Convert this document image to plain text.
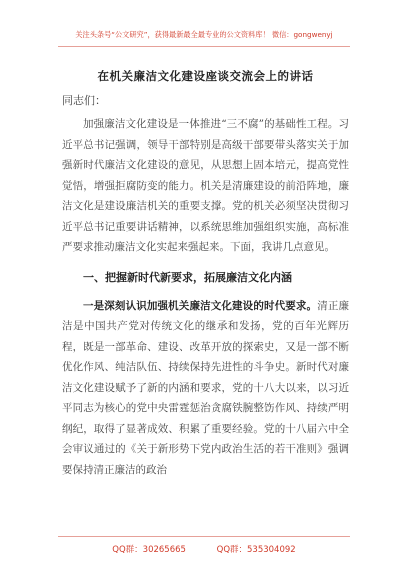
关注头条号“公文研究”，获得最新最全最专业的公文资料库！ 微信：gongwenyj
在机关廉洁文化建设座谈交流会上的讲话
同志们：

加强廉洁文化建设是一体推进“三不腐”的基础性工程。习近平总书记强调，领导干部特别是高级干部要带头落实关于加强新时代廉洁文化建设的意见，从思想上固本培元，提高党性觉悟，增强拒腐防变的能力。机关是清廉建设的前沿阵地，廉洁文化是建设廉洁机关的重要支撑。党的机关必须坚决贯彻习近平总书记重要讲话精神，以系统思维加强组织实施，高标准严要求推动廉洁文化实起来强起来。下面，我讲几点意见。

一、把握新时代新要求，拓展廉洁文化内涵

一是深刻认识加强机关廉洁文化建设的时代要求。清正廉洁是中国共产党对传统文化的继承和发扬，党的百年光辉历程，既是一部革命、建设、改革开放的探索史，又是一部不断优化作风、纯洁队伍、持续保持先进性的斗争史。新时代对廉洁文化建设赋予了新的内涵和要求，党的十八大以来，以习近平同志为核心的党中央雷霆惩治贪腐铁腕整饬作风、持续严明纲纪，取得了显著成效、积累了重要经验。党的十八届六中全会审议通过的《关于新形势下党内政治生活的若干准则》强调要保持清正廉洁的政治

QQ群：30265665	QQ群：535304092
